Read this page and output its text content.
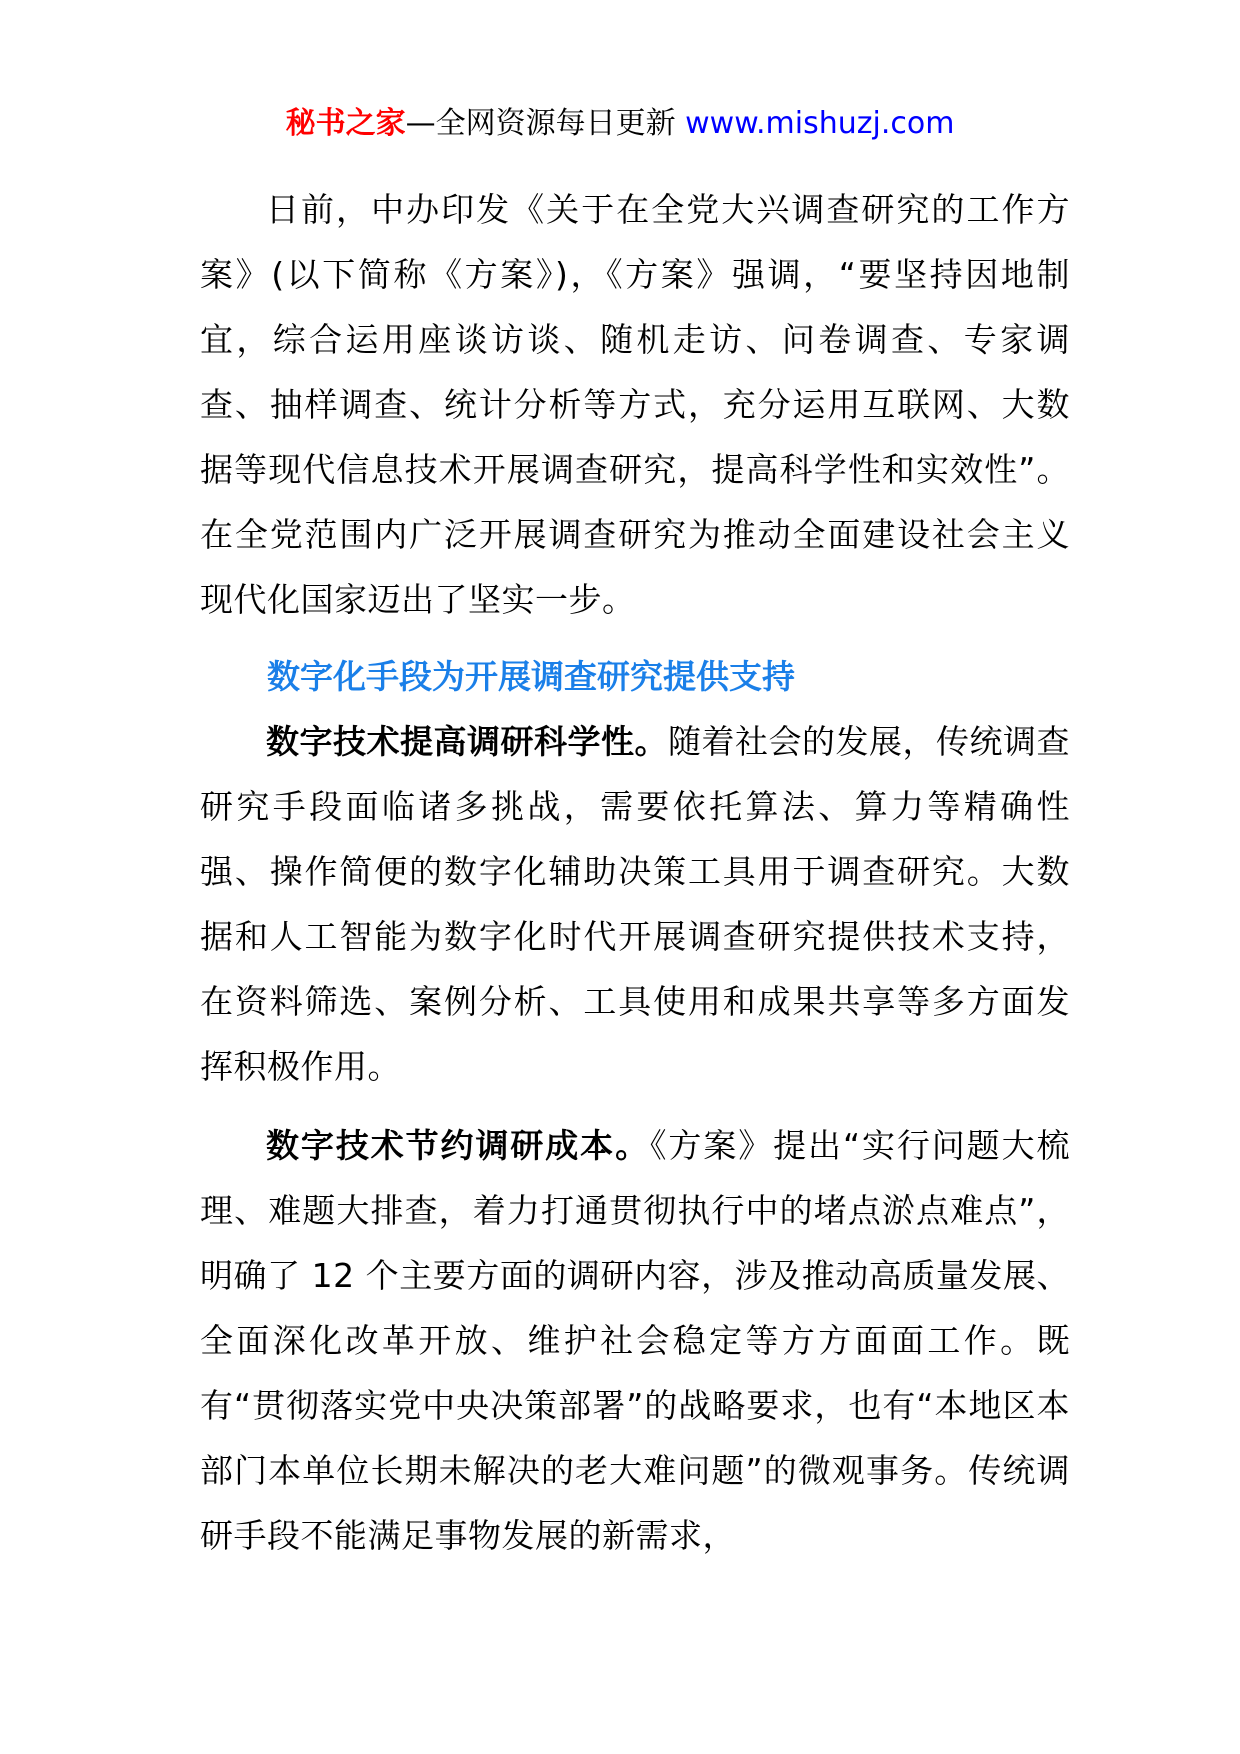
秘书之家—全网资源每日更新 www.mishuzj.com

日前，中办印发《关于在全党大兴调查研究的工作方案》(以下简称《方案》)，《方案》强调，“要坚持因地制宜，综合运用座谈访谈、随机走访、问卷调查、专家调查、抽样调查、统计分析等方式，充分运用互联网、大数据等现代信息技术开展调查研究，提高科学性和实效性”。在全党范围内广泛开展调查研究为推动全面建设社会主义现代化国家迈出了坚实一步。

数字化手段为开展调查研究提供支持

数字技术提高调研科学性。随着社会的发展，传统调查研究手段面临诸多挑战，需要依托算法、算力等精确性强、操作简便的数字化辅助决策工具用于调查研究。大数据和人工智能为数字化时代开展调查研究提供技术支持，在资料筛选、案例分析、工具使用和成果共享等多方面发挥积极作用。

数字技术节约调研成本。《方案》提出“实行问题大梳理、难题大排查，着力打通贯彻执行中的堵点淤点难点”，明确了 12 个主要方面的调研内容，涉及推动高质量发展、全面深化改革开放、维护社会稳定等方方面面工作。既有“贯彻落实党中央决策部署”的战略要求，也有“本地区本部门本单位长期未解决的老大难问题”的微观事务。传统调研手段不能满足事物发展的新需求，
